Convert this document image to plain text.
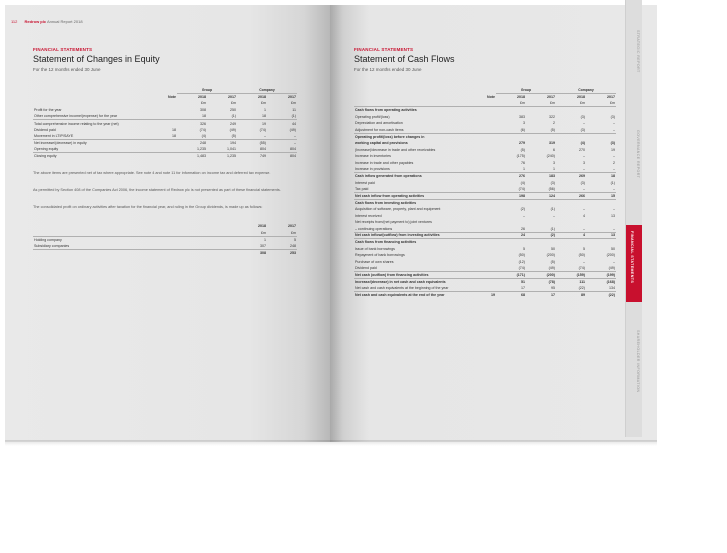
112 Redrow plc Annual Report 2018
FINANCIAL STATEMENTS
Statement of Changes in Equity
For the 12 months ended 30 June
		Group		Company	
	Note	2018	2017	2018	2017
		£m	£m	£m	£m
Profit for the year		308	250	1	11
Other comprehensive income/(expense) for the year		18	(1)	18	(1)
Total comprehensive income relating to the year (net)		326	249	19	44
Dividend paid	18	(74)	(49)	(74)	(49)
Movement in LTIP/SAYE	18	(4)	(5)	–	–
Net increase/(decrease) in equity		248	194	(55)	–
Opening equity		1,235	1,041	804	804
Closing equity		1,483	1,235	749	804
The above items are presented net of tax where appropriate. See note 4 and note 11 for information on income tax and deferred tax expense.
As permitted by Section 408 of the Companies Act 2006, the income statement of Redrow plc is not presented as part of these financial statements.
The consolidated profit on ordinary activities after taxation for the financial year, and ruling in the Group dividends, is made up as follows:
	2018	2017
	£m	£m
Holding company	1	5
Subsidiary companies	307	248
	308	253
FINANCIAL STATEMENTS
Statement of Cash Flows
For the 12 months ended 30 June
		Group		Company	
	Note	2018	2017	2018	2017
		£m	£m	£m	£m
Cash flows from operating activities					
Operating profit/(loss)		383	322	(3)	(3)
Depreciation and amortisation		3	2	–	–
Adjustment for non-cash items		(6)	(5)	(3)	–
Operating profit/(loss) before changes in					
working capital and provisions		279	319	(4)	(3)
(Increase)/decrease in trade and other receivables		(5)	6	270	19
Increase in inventories		(175)	(240)	–	–
Increase in trade and other payables		76	3	3	2
Increase in provisions		1	1	–	–
Cash inflow generated from operations		276	183	269	18
Interest paid		(4)	(3)	(3)	(1)
Tax paid		(74)	(56)	–	–
Net cash inflow from operating activities		198	124	266	15
Cash flows from investing activities					
Acquisition of software, property, plant and equipment		(2)	(1)	–	–
Interest received		–	–	4	13
Net receipts from/(net payment to) joint ventures					
– continuing operations		26	(1)	–	–
Net cash inflow/(outflow) from investing activities		24	(2)	4	13
Cash flows from financing activities					
Issue of bank borrowings		5	50	5	50
Repayment of bank borrowings		(50)	(200)	(50)	(200)
Purchase of own shares		(12)	(5)	–	–
Dividend paid		(74)	(49)	(74)	(49)
Net cash (outflow) from financing activities		(171)	(200)	(159)	(199)
Increase/(decrease) in net cash and cash equivalents		51	(78)	111	(168)
Net cash and cash equivalents at the beginning of the year		17	95	(22)	134
Net cash and cash equivalents at the end of the year	19	68	17	89	(22)
STRATEGIC REPORT
GOVERNANCE REPORT
FINANCIAL STATEMENTS
SHAREHOLDER INFORMATION
